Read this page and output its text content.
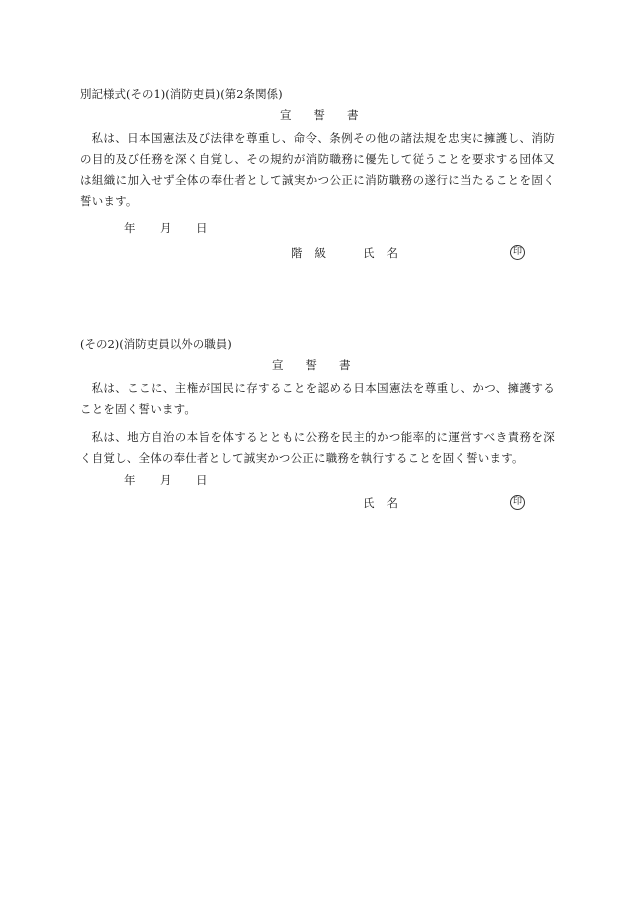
別記様式(その1)(消防吏員)(第2条関係)
宣誓書
私は、日本国憲法及び法律を尊重し、命令、条例その他の諸法規を忠実に擁護し、消防の目的及び任務を深く自覚し、その規約が消防職務に優先して従うことを要求する団体又は組織に加入せず全体の奉仕者として誠実かつ公正に消防職務の遂行に当たることを固く誓います。
年 月 日
階級 氏名	印
(その2)(消防吏員以外の職員)
宣誓書
私は、ここに、主権が国民に存することを認める日本国憲法を尊重し、かつ、擁護することを固く誓います。
私は、地方自治の本旨を体するとともに公務を民主的かつ能率的に運営すべき責務を深く自覚し、全体の奉仕者として誠実かつ公正に職務を執行することを固く誓います。
年 月 日
氏名	印
